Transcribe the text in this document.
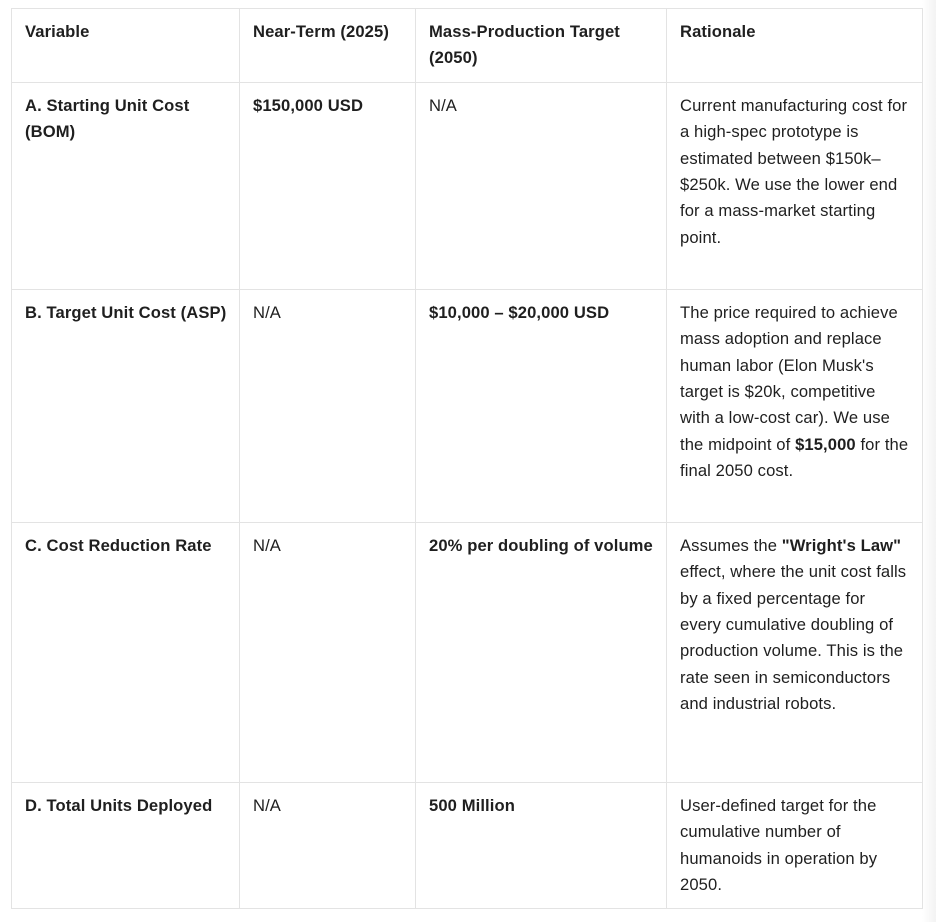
Variable	Near-Term (2025)	Mass-Production Target (2050)	Rationale
A. Starting Unit Cost (BOM)	$150,000 USD	N/A	Current manufacturing cost for a high-spec prototype is estimated between $150k–$250k. We use the lower end for a mass-market starting point.
B. Target Unit Cost (ASP)	N/A	$10,000 – $20,000 USD	The price required to achieve mass adoption and replace human labor (Elon Musk's target is $20k, competitive with a low-cost car). We use the midpoint of $15,000 for the final 2050 cost.
C. Cost Reduction Rate	N/A	20% per doubling of volume	Assumes the "Wright's Law" effect, where the unit cost falls by a fixed percentage for every cumulative doubling of production volume. This is the rate seen in semiconductors and industrial robots.
D. Total Units Deployed	N/A	500 Million	User-defined target for the cumulative number of humanoids in operation by 2050.
